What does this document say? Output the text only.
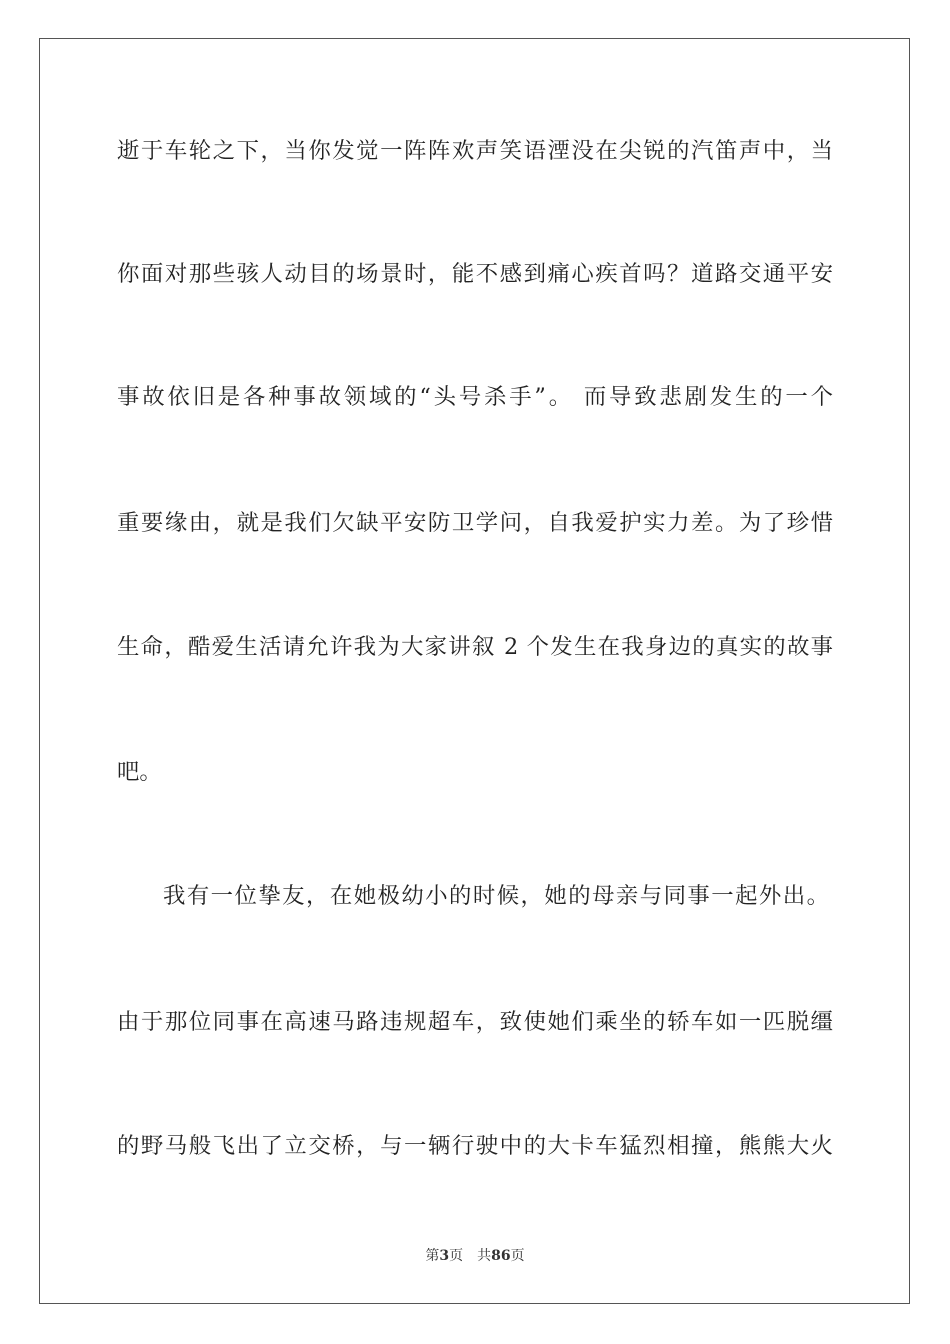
逝于车轮之下，当你发觉一阵阵欢声笑语湮没在尖锐的汽笛声中，当
你面对那些骇人动目的场景时，能不感到痛心疾首吗？道路交通平安
事故依旧是各种事故领域的“头号杀手”。 而导致悲剧发生的一个
重要缘由，就是我们欠缺平安防卫学问，自我爱护实力差。为了珍惜
生命，酷爱生活请允许我为大家讲叙 2 个发生在我身边的真实的故事
吧。
我有一位挚友，在她极幼小的时候，她的母亲与同事一起外出。
由于那位同事在高速马路违规超车，致使她们乘坐的轿车如一匹脱缰
的野马般飞出了立交桥，与一辆行驶中的大卡车猛烈相撞，熊熊大火
第3页 共86页
